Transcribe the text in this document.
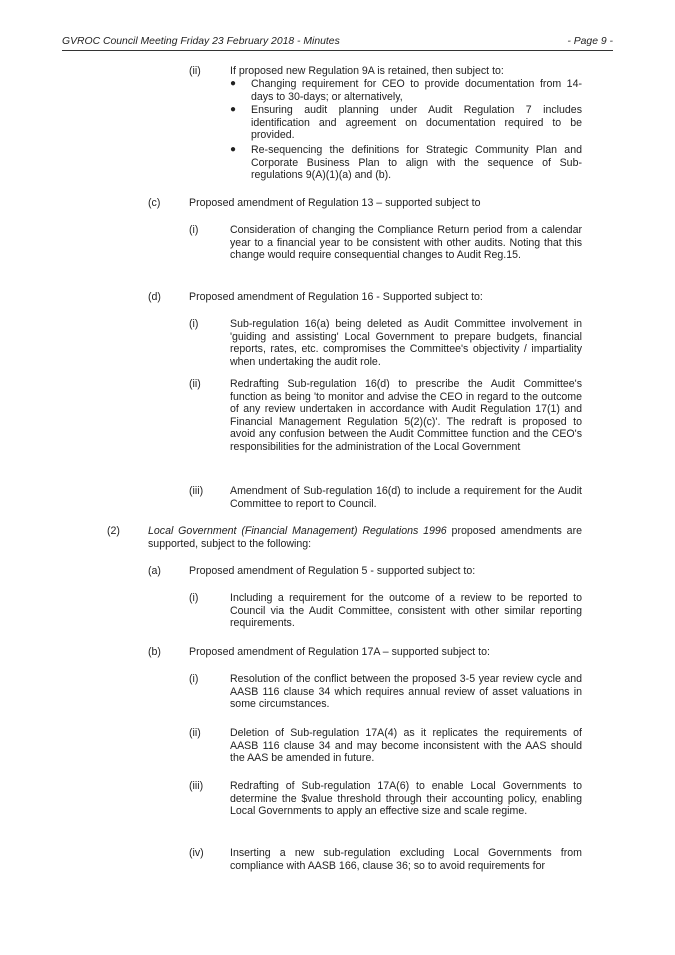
GVROC Council Meeting Friday 23 February 2018 - Minutes	- Page 9 -
(ii)	If proposed new Regulation 9A is retained, then subject to:
● Changing requirement for CEO to provide documentation from 14-days to 30-days; or alternatively,
● Ensuring audit planning under Audit Regulation 7 includes identification and agreement on documentation required to be provided.
● Re-sequencing the definitions for Strategic Community Plan and Corporate Business Plan to align with the sequence of Sub-regulations 9(A)(1)(a) and (b).
(c)	Proposed amendment of Regulation 13 – supported subject to
(i)	Consideration of changing the Compliance Return period from a calendar year to a financial year to be consistent with other audits. Noting that this change would require consequential changes to Audit Reg.15.
(d)	Proposed amendment of Regulation 16 - Supported subject to:
(i)	Sub-regulation 16(a) being deleted as Audit Committee involvement in 'guiding and assisting' Local Government to prepare budgets, financial reports, rates, etc. compromises the Committee's objectivity / impartiality when undertaking the audit role.
(ii)	Redrafting Sub-regulation 16(d) to prescribe the Audit Committee's function as being 'to monitor and advise the CEO in regard to the outcome of any review undertaken in accordance with Audit Regulation 17(1) and Financial Management Regulation 5(2)(c)'. The redraft is proposed to avoid any confusion between the Audit Committee function and the CEO's responsibilities for the administration of the Local Government
(iii)	Amendment of Sub-regulation 16(d) to include a requirement for the Audit Committee to report to Council.
(2)	Local Government (Financial Management) Regulations 1996 proposed amendments are supported, subject to the following:
(a)	Proposed amendment of Regulation 5 - supported subject to:
(i)	Including a requirement for the outcome of a review to be reported to Council via the Audit Committee, consistent with other similar reporting requirements.
(b)	Proposed amendment of Regulation 17A – supported subject to:
(i)	Resolution of the conflict between the proposed 3-5 year review cycle and AASB 116 clause 34 which requires annual review of asset valuations in some circumstances.
(ii)	Deletion of Sub-regulation 17A(4) as it replicates the requirements of AASB 116 clause 34 and may become inconsistent with the AAS should the AAS be amended in future.
(iii)	Redrafting of Sub-regulation 17A(6) to enable Local Governments to determine the $value threshold through their accounting policy, enabling Local Governments to apply an effective size and scale regime.
(iv) Inserting a new sub-regulation excluding Local Governments from compliance with AASB 166, clause 36; so to avoid requirements for
